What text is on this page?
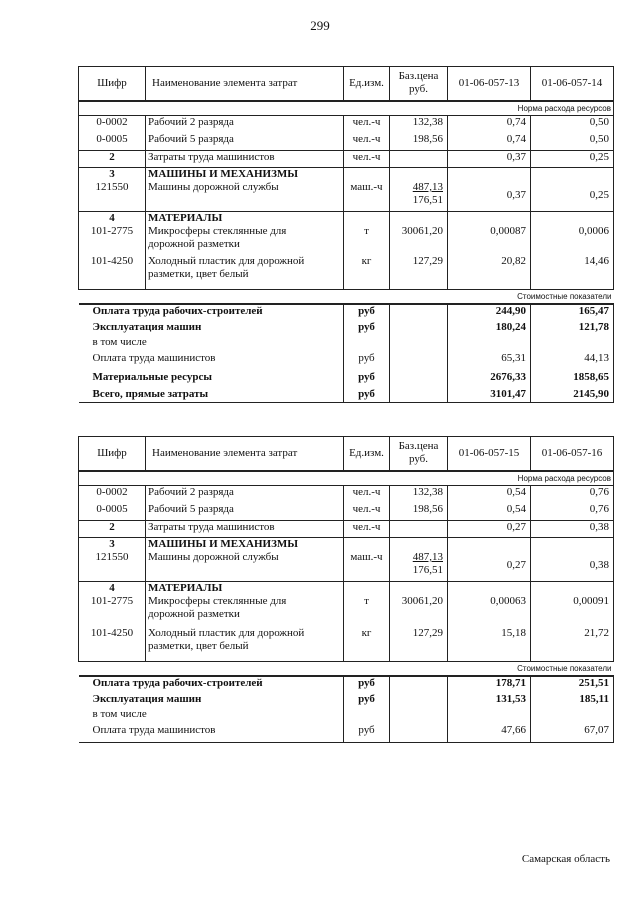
299
Шифр	Наименование элемента затрат	Ед.изм.	Баз.цена
руб.	01-06-057-13	01-06-057-14
Норма расхода ресурсов					
0-0002	Рабочий 2 разряда	чел.-ч	132,38	0,74	0,50
0-0005	Рабочий 5 разряда	чел.-ч	198,56	0,74	0,50
2	Затраты труда машинистов	чел.-ч		0,37	0,25
3	МАШИНЫ И МЕХАНИЗМЫ				
121550	Машины дорожной службы	маш.-ч	487,13
176,51	0,37	0,25
4	МАТЕРИАЛЫ				
101-2775	Микросферы стеклянные для
дорожной разметки	т	30061,20	0,00087	0,0006
101-4250	Холодный пластик для дорожной
разметки, цвет белый	кг	127,29	20,82	14,46
Стоимостные показатели					
Оплата труда рабочих-строителей		руб		244,90	165,47
Эксплуатация машин		руб		180,24	121,78
в том числе					
Оплата труда машинистов		руб		65,31	44,13
Материальные ресурсы		руб		2676,33	1858,65
Всего, прямые затраты		руб		3101,47	2145,90
Шифр	Наименование элемента затрат	Ед.изм.	Баз.цена
руб.	01-06-057-15	01-06-057-16
Норма расхода ресурсов					
0-0002	Рабочий 2 разряда	чел.-ч	132,38	0,54	0,76
0-0005	Рабочий 5 разряда	чел.-ч	198,56	0,54	0,76
2	Затраты труда машинистов	чел.-ч		0,27	0,38
3	МАШИНЫ И МЕХАНИЗМЫ				
121550	Машины дорожной службы	маш.-ч	487,13
176,51	0,27	0,38
4	МАТЕРИАЛЫ				
101-2775	Микросферы стеклянные для
дорожной разметки	т	30061,20	0,00063	0,00091
101-4250	Холодный пластик для дорожной
разметки, цвет белый	кг	127,29	15,18	21,72
Стоимостные показатели					
Оплата труда рабочих-строителей		руб		178,71	251,51
Эксплуатация машин		руб		131,53	185,11
в том числе					
Оплата труда машинистов		руб		47,66	67,07
Самарская область
